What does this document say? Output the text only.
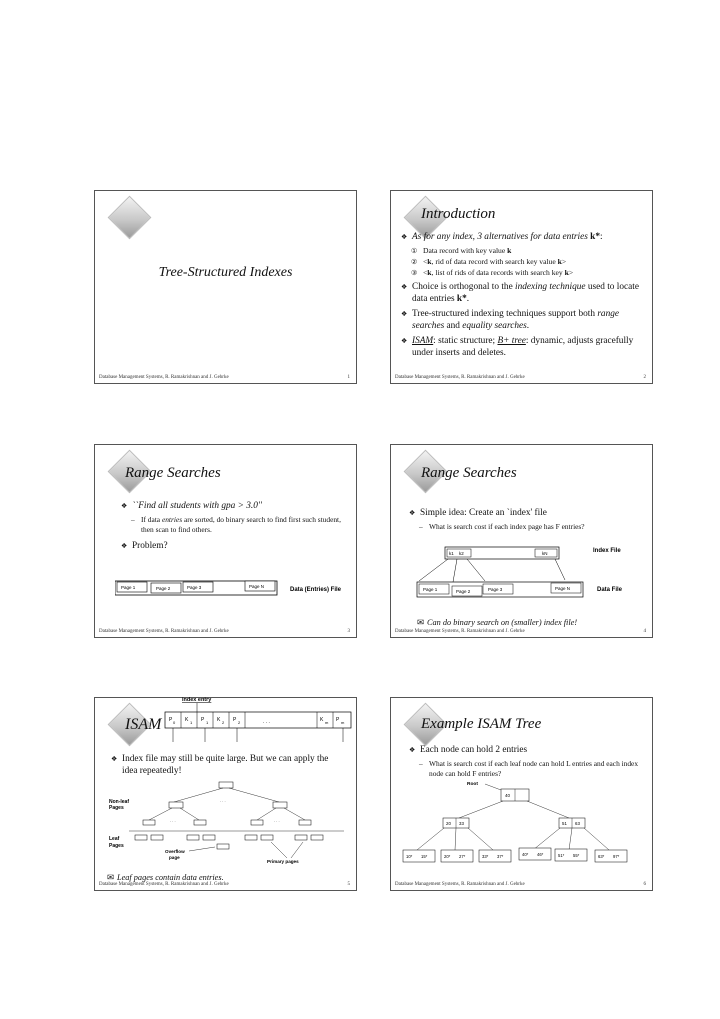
Tree-Structured Indexes
Database Management Systems, R. Ramakrishnan and J. Gehrke	1
Introduction
❖ As for any index, 3 alternatives for data entries k*:
① Data record with key value k
② <k, rid of data record with search key value k>
③ <k, list of rids of data records with search key k>
❖ Choice is orthogonal to the indexing technique used to locate data entries k*.
❖ Tree-structured indexing techniques support both range searches and equality searches.
❖ ISAM: static structure; B+ tree: dynamic, adjusts gracefully under inserts and deletes.
Database Management Systems, R. Ramakrishnan and J. Gehrke	2
Range Searches
❖ ``Find all students with gpa > 3.0''
– If data entries are sorted, do binary search to find first such student, then scan to find others.
❖ Problem?
Page 1	Page 2	Page 3	Page N
Data (Entries) File
Database Management Systems, R. Ramakrishnan and J. Gehrke	3
Range Searches
❖ Simple idea: Create an `index' file
– What is search cost if each index page has F entries?
k1 k2	kN	Index File
Page 1	Page 2	Page 3	Page N	Data File
✉ Can do binary search on (smaller) index file!
Database Management Systems, R. Ramakrishnan and J. Gehrke	4
ISAM
index entry
P 0 K 1 P 1 K 2 P 2	. . .	K m P m
❖ Index file may still be quite large. But we can apply the idea repeatedly!
Non-leaf
Pages
Leaf
Pages
. . .
. . .	. . .
Overflow
page
Primary pages
✉ Leaf pages contain data entries.
Database Management Systems, R. Ramakrishnan and J. Gehrke	5
Example ISAM Tree
❖ Each node can hold 2 entries
– What is search cost if each leaf node can hold L entries and each index node can hold F entries?
Root
40
20 33	51 63
10* 15*	20* 27*	33* 37*	40* 46*	51* 55*	63* 97*
Database Management Systems, R. Ramakrishnan and J. Gehrke	6
